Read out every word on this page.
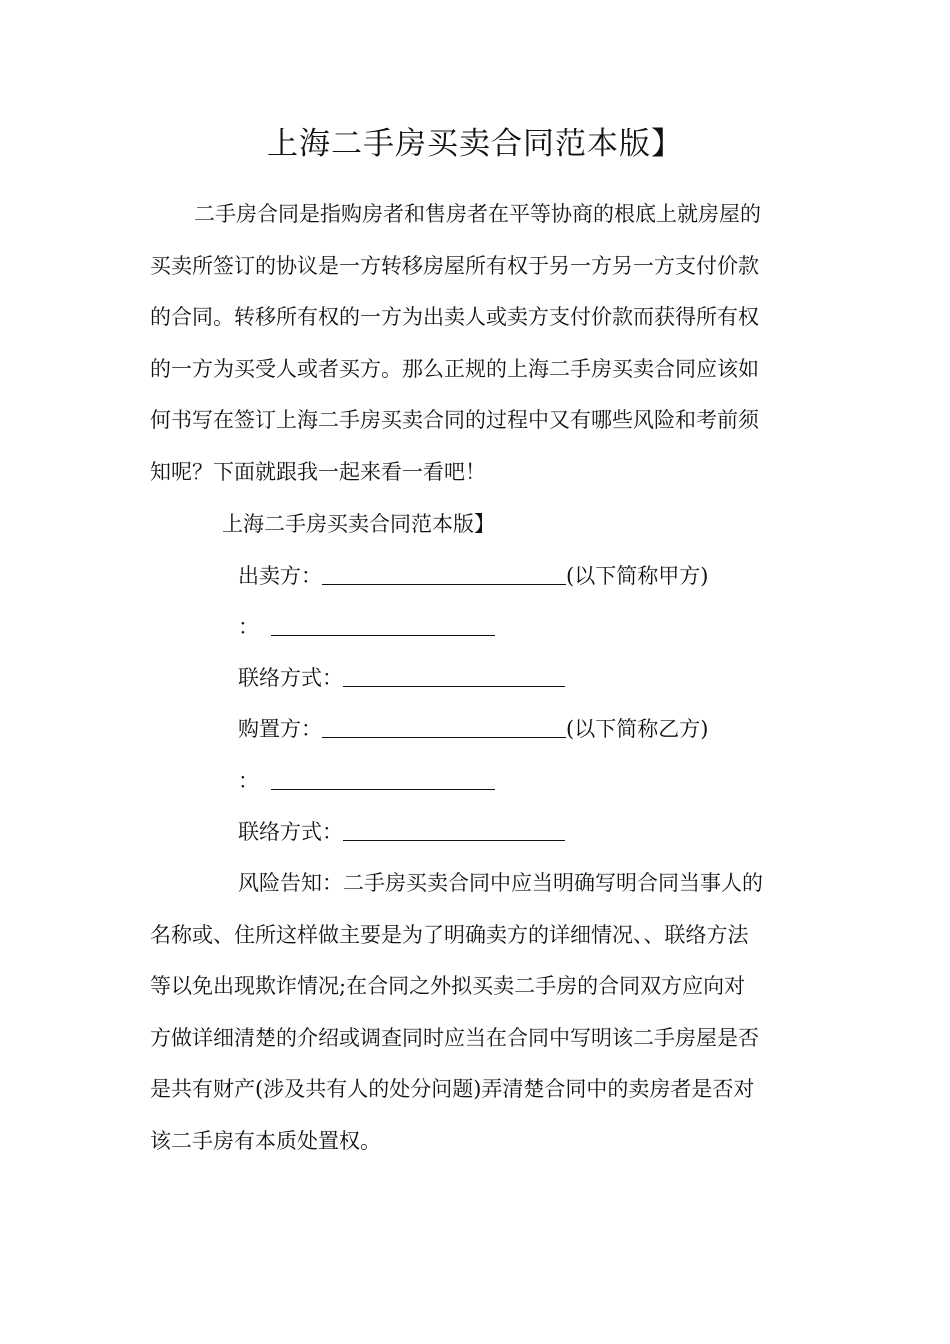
上海二手房买卖合同范本版】
二手房合同是指购房者和售房者在平等协商的根底上就房屋的
买卖所签订的协议是一方转移房屋所有权于另一方另一方支付价款
的合同。转移所有权的一方为出卖人或卖方支付价款而获得所有权
的一方为买受人或者买方。那么正规的上海二手房买卖合同应该如
何书写在签订上海二手房买卖合同的过程中又有哪些风险和考前须
知呢？下面就跟我一起来看一看吧！
上海二手房买卖合同范本版】
出卖方：	(以下简称甲方)
：
联络方式：
购置方：	(以下简称乙方)
：
联络方式：
风险告知：二手房买卖合同中应当明确写明合同当事人的
名称或、住所这样做主要是为了明确卖方的详细情况、、联络方法
等以免出现欺诈情况;在合同之外拟买卖二手房的合同双方应向对
方做详细清楚的介绍或调查同时应当在合同中写明该二手房屋是否
是共有财产(涉及共有人的处分问题)弄清楚合同中的卖房者是否对
该二手房有本质处置权。
